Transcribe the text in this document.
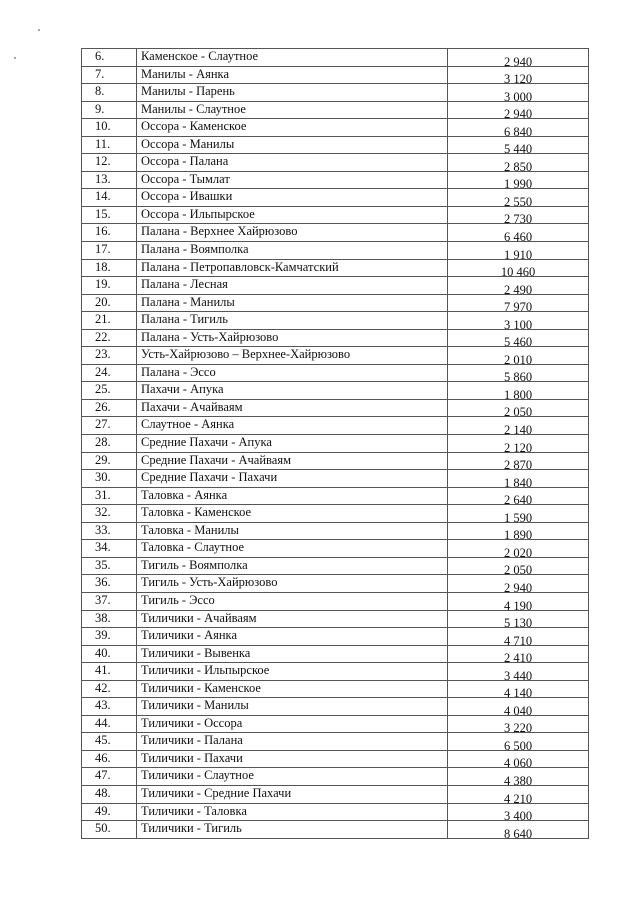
6.	Каменское - Слаутное	2 940
7.	Манилы - Аянка	3 120
8.	Манилы - Парень	3 000
9.	Манилы - Слаутное	2 940
10.	Оссора - Каменское	6 840
11.	Оссора - Манилы	5 440
12.	Оссора - Палана	2 850
13.	Оссора - Тымлат	1 990
14.	Оссора - Ивашки	2 550
15.	Оссора - Ильпырское	2 730
16.	Палана - Верхнее Хайрюзово	6 460
17.	Палана - Воямполка	1 910
18.	Палана - Петропавловск-Камчатский	10 460
19.	Палана - Лесная	2 490
20.	Палана - Манилы	7 970
21.	Палана - Тигиль	3 100
22.	Палана - Усть-Хайрюзово	5 460
23.	Усть-Хайрюзово – Верхнее-Хайрюзово	2 010
24.	Палана - Эссо	5 860
25.	Пахачи - Апука	1 800
26.	Пахачи - Ачайваям	2 050
27.	Слаутное - Аянка	2 140
28.	Средние Пахачи - Апука	2 120
29.	Средние Пахачи - Ачайваям	2 870
30.	Средние Пахачи - Пахачи	1 840
31.	Таловка - Аянка	2 640
32.	Таловка - Каменское	1 590
33.	Таловка - Манилы	1 890
34.	Таловка - Слаутное	2 020
35.	Тигиль - Воямполка	2 050
36.	Тигиль - Усть-Хайрюзово	2 940
37.	Тигиль - Эссо	4 190
38.	Тиличики - Ачайваям	5 130
39.	Тиличики - Аянка	4 710
40.	Тиличики - Вывенка	2 410
41.	Тиличики - Ильпырское	3 440
42.	Тиличики - Каменское	4 140
43.	Тиличики - Манилы	4 040
44.	Тиличики - Оссора	3 220
45.	Тиличики - Палана	6 500
46.	Тиличики - Пахачи	4 060
47.	Тиличики - Слаутное	4 380
48.	Тиличики - Средние Пахачи	4 210
49.	Тиличики - Таловка	3 400
50.	Тиличики - Тигиль	8 640
